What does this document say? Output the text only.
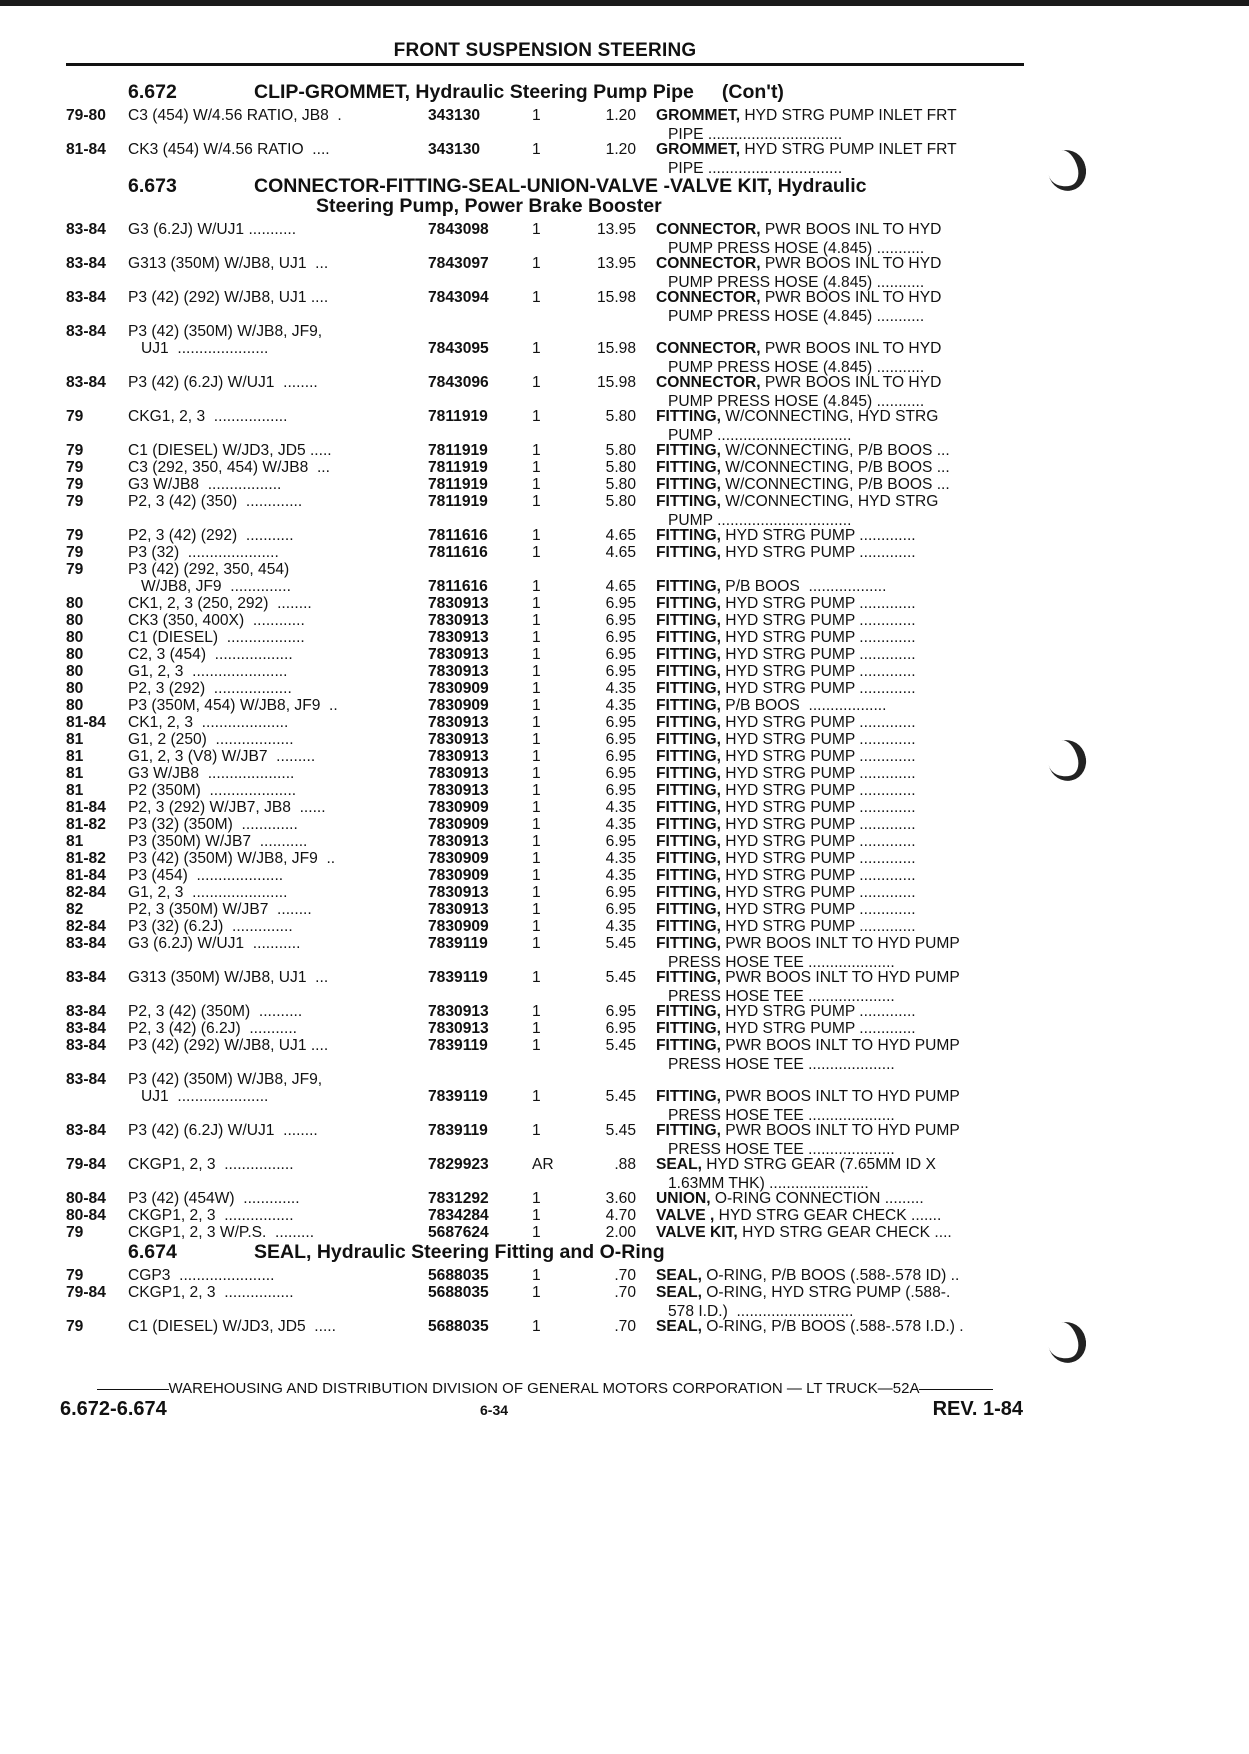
FRONT SUSPENSION STEERING
6.672	CLIP-GROMMET, Hydraulic Steering Pump Pipe (Con't)
79-80	C3 (454) W/4.56 RATIO, JB8  .	343130	1	1.20 GROMMET, HYD STRG PUMP INLET FRT
PIPE ...............................
81-84	CK3 (454) W/4.56 RATIO  ....	343130	1	1.20 GROMMET, HYD STRG PUMP INLET FRT
PIPE ...............................
6.673	CONNECTOR-FITTING-SEAL-UNION-VALVE -VALVE KIT, Hydraulic
Steering Pump, Power Brake Booster
83-84	G3 (6.2J) W/UJ1 ...........	7843098	1	13.95 CONNECTOR, PWR BOOS INL TO HYD
PUMP PRESS HOSE (4.845) ...........
83-84	G313 (350M) W/JB8, UJ1  ...	7843097	1	13.95 CONNECTOR, PWR BOOS INL TO HYD
PUMP PRESS HOSE (4.845) ...........
83-84	P3 (42) (292) W/JB8, UJ1 ....	7843094	1	15.98 CONNECTOR, PWR BOOS INL TO HYD
PUMP PRESS HOSE (4.845) ...........
83-84	P3 (42) (350M) W/JB8, JF9,
UJ1  .....................	7843095	1	15.98 CONNECTOR, PWR BOOS INL TO HYD
PUMP PRESS HOSE (4.845) ...........
83-84	P3 (42) (6.2J) W/UJ1  ........	7843096	1	15.98 CONNECTOR, PWR BOOS INL TO HYD
PUMP PRESS HOSE (4.845) ...........
79	CKG1, 2, 3  .................	7811919	1	5.80 FITTING, W/CONNECTING, HYD STRG
PUMP ...............................
79	C1 (DIESEL) W/JD3, JD5 .....	7811919	1	5.80 FITTING, W/CONNECTING, P/B BOOS ...
79	C3 (292, 350, 454) W/JB8  ...	7811919	1	5.80 FITTING, W/CONNECTING, P/B BOOS ...
79	G3 W/JB8  .................	7811919	1	5.80 FITTING, W/CONNECTING, P/B BOOS ...
79	P2, 3 (42) (350)  .............	7811919	1	5.80 FITTING, W/CONNECTING, HYD STRG
PUMP ...............................
79	P2, 3 (42) (292)  ...........	7811616	1	4.65 FITTING, HYD STRG PUMP .............
79	P3 (32)  .....................	7811616	1	4.65 FITTING, HYD STRG PUMP .............
79	P3 (42) (292, 350, 454)
W/JB8, JF9  ..............	7811616	1	4.65 FITTING, P/B BOOS  ..................
80	CK1, 2, 3 (250, 292)  ........	7830913	1	6.95 FITTING, HYD STRG PUMP .............
80	CK3 (350, 400X)  ............	7830913	1	6.95 FITTING, HYD STRG PUMP .............
80	C1 (DIESEL)  ..................	7830913	1	6.95 FITTING, HYD STRG PUMP .............
80	C2, 3 (454)  ..................	7830913	1	6.95 FITTING, HYD STRG PUMP .............
80	G1, 2, 3  ......................	7830913	1	6.95 FITTING, HYD STRG PUMP .............
80	P2, 3 (292)  ..................	7830909	1	4.35 FITTING, HYD STRG PUMP .............
80	P3 (350M, 454) W/JB8, JF9  ..	7830909	1	4.35 FITTING, P/B BOOS  ..................
81-84	CK1, 2, 3  ....................	7830913	1	6.95 FITTING, HYD STRG PUMP .............
81	G1, 2 (250)  ..................	7830913	1	6.95 FITTING, HYD STRG PUMP .............
81	G1, 2, 3 (V8) W/JB7  .........	7830913	1	6.95 FITTING, HYD STRG PUMP .............
81	G3 W/JB8  ....................	7830913	1	6.95 FITTING, HYD STRG PUMP .............
81	P2 (350M)  ....................	7830913	1	6.95 FITTING, HYD STRG PUMP .............
81-84	P2, 3 (292) W/JB7, JB8  ......	7830909	1	4.35 FITTING, HYD STRG PUMP .............
81-82	P3 (32) (350M)  .............	7830909	1	4.35 FITTING, HYD STRG PUMP .............
81	P3 (350M) W/JB7  ...........	7830913	1	6.95 FITTING, HYD STRG PUMP .............
81-82	P3 (42) (350M) W/JB8, JF9  ..	7830909	1	4.35 FITTING, HYD STRG PUMP .............
81-84	P3 (454)  ....................	7830909	1	4.35 FITTING, HYD STRG PUMP .............
82-84	G1, 2, 3  ......................	7830913	1	6.95 FITTING, HYD STRG PUMP .............
82	P2, 3 (350M) W/JB7  ........	7830913	1	6.95 FITTING, HYD STRG PUMP .............
82-84	P3 (32) (6.2J)  ..............	7830909	1	4.35 FITTING, HYD STRG PUMP .............
83-84	G3 (6.2J) W/UJ1  ...........	7839119	1	5.45 FITTING, PWR BOOS INLT TO HYD PUMP
PRESS HOSE TEE ....................
83-84	G313 (350M) W/JB8, UJ1  ...	7839119	1	5.45 FITTING, PWR BOOS INLT TO HYD PUMP
PRESS HOSE TEE ....................
83-84	P2, 3 (42) (350M)  ..........	7830913	1	6.95 FITTING, HYD STRG PUMP .............
83-84	P2, 3 (42) (6.2J)  ...........	7830913	1	6.95 FITTING, HYD STRG PUMP .............
83-84	P3 (42) (292) W/JB8, UJ1 ....	7839119	1	5.45 FITTING, PWR BOOS INLT TO HYD PUMP
PRESS HOSE TEE ....................
83-84	P3 (42) (350M) W/JB8, JF9,
UJ1  .....................	7839119	1	5.45 FITTING, PWR BOOS INLT TO HYD PUMP
PRESS HOSE TEE ....................
83-84	P3 (42) (6.2J) W/UJ1  ........	7839119	1	5.45 FITTING, PWR BOOS INLT TO HYD PUMP
PRESS HOSE TEE ....................
79-84	CKGP1, 2, 3  ................	7829923	AR	.88 SEAL, HYD STRG GEAR (7.65MM ID X
1.63MM THK) .......................
80-84	P3 (42) (454W)  .............	7831292	1	3.60 UNION, O-RING CONNECTION .........
80-84	CKGP1, 2, 3  ................	7834284	1	4.70 VALVE , HYD STRG GEAR CHECK .......
79	CKGP1, 2, 3 W/P.S.  .........	5687624	1	2.00 VALVE KIT, HYD STRG GEAR CHECK ....
6.674	SEAL, Hydraulic Steering Fitting and O-Ring
79	CGP3  ......................	5688035	1	.70 SEAL, O-RING, P/B BOOS (.588-.578 ID) ..
79-84	CKGP1, 2, 3  ................	5688035	1	.70 SEAL, O-RING, HYD STRG PUMP (.588-.
578 I.D.)  ...........................
79	C1 (DIESEL) W/JD3, JD5  .....	5688035	1	.70 SEAL, O-RING, P/B BOOS (.588-.578 I.D.) .
WAREHOUSING AND DISTRIBUTION DIVISION OF GENERAL MOTORS CORPORATION — LT TRUCK—52A
6.672-6.674	6-34	REV. 1-84
